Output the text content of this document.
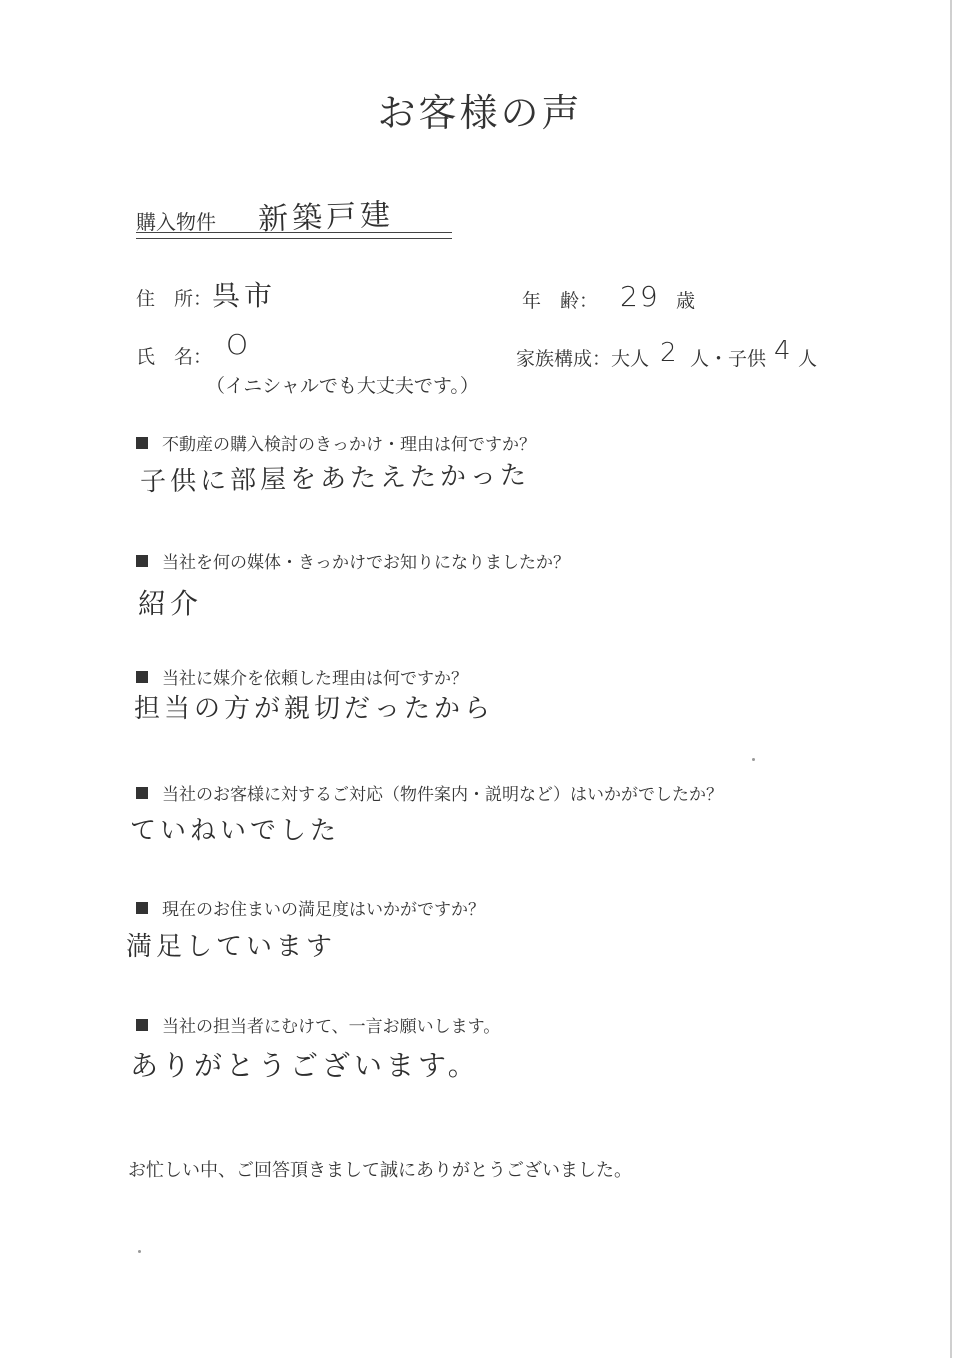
お客様の声
購入物件 新築戸建
住　所： 呉市	年　齢： 29 歳
氏　名： O
（イニシャルでも大丈夫です。）
家族構成：大人 2 人・子供 4 人
不動産の購入検討のきっかけ・理由は何ですか？
子供に部屋をあたえたかった
当社を何の媒体・きっかけでお知りになりましたか？
紹介
当社に媒介を依頼した理由は何ですか？
担当の方が親切だったから
当社のお客様に対するご対応（物件案内・説明など）はいかがでしたか？
ていねいでした
現在のお住まいの満足度はいかがですか？
満足しています
当社の担当者にむけて、一言お願いします。
ありがとうございます。
お忙しい中、ご回答頂きまして誠にありがとうございました。
